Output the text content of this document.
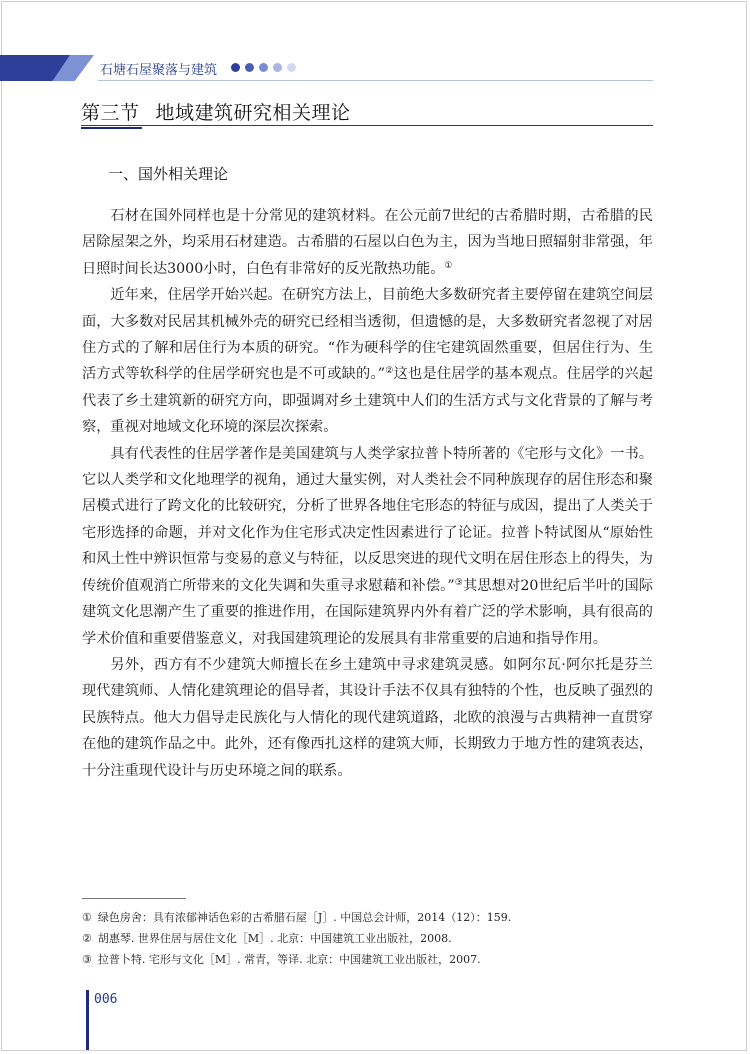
石塘石屋聚落与建筑
第三节 地域建筑研究相关理论
一、国外相关理论

石材在国外同样也是十分常见的建筑材料。在公元前7世纪的古希腊时期，古希腊的民居除屋架之外，均采用石材建造。古希腊的石屋以白色为主，因为当地日照辐射非常强，年日照时间长达3000小时，白色有非常好的反光散热功能。①

近年来，住居学开始兴起。在研究方法上，目前绝大多数研究者主要停留在建筑空间层面，大多数对民居其机械外壳的研究已经相当透彻，但遗憾的是，大多数研究者忽视了对居住方式的了解和居住行为本质的研究。“作为硬科学的住宅建筑固然重要，但居住行为、生活方式等软科学的住居学研究也是不可或缺的。”②这也是住居学的基本观点。住居学的兴起代表了乡土建筑新的研究方向，即强调对乡土建筑中人们的生活方式与文化背景的了解与考察，重视对地域文化环境的深层次探索。

具有代表性的住居学著作是美国建筑与人类学家拉普卜特所著的《宅形与文化》一书。它以人类学和文化地理学的视角，通过大量实例，对人类社会不同种族现存的居住形态和聚居模式进行了跨文化的比较研究，分析了世界各地住宅形态的特征与成因，提出了人类关于宅形选择的命题，并对文化作为住宅形式决定性因素进行了论证。拉普卜特试图从“原始性和风土性中辨识恒常与变易的意义与特征，以反思突进的现代文明在居住形态上的得失，为传统价值观消亡所带来的文化失调和失重寻求慰藉和补偿。”③其思想对20世纪后半叶的国际建筑文化思潮产生了重要的推进作用，在国际建筑界内外有着广泛的学术影响，具有很高的学术价值和重要借鉴意义，对我国建筑理论的发展具有非常重要的启迪和指导作用。

另外，西方有不少建筑大师擅长在乡土建筑中寻求建筑灵感。如阿尔瓦·阿尔托是芬兰现代建筑师、人情化建筑理论的倡导者，其设计手法不仅具有独特的个性，也反映了强烈的民族特点。他大力倡导走民族化与人情化的现代建筑道路，北欧的浪漫与古典精神一直贯穿在他的建筑作品之中。此外，还有像西扎这样的建筑大师，长期致力于地方性的建筑表达，十分注重现代设计与历史环境之间的联系。

① 绿色房舍：具有浓郁神话色彩的古希腊石屋［J］. 中国总会计师，2014（12）：159.
② 胡惠琴. 世界住居与居住文化［M］. 北京：中国建筑工业出版社，2008.
③ 拉普卜特. 宅形与文化［M］. 常青，等译. 北京：中国建筑工业出版社，2007.
006
